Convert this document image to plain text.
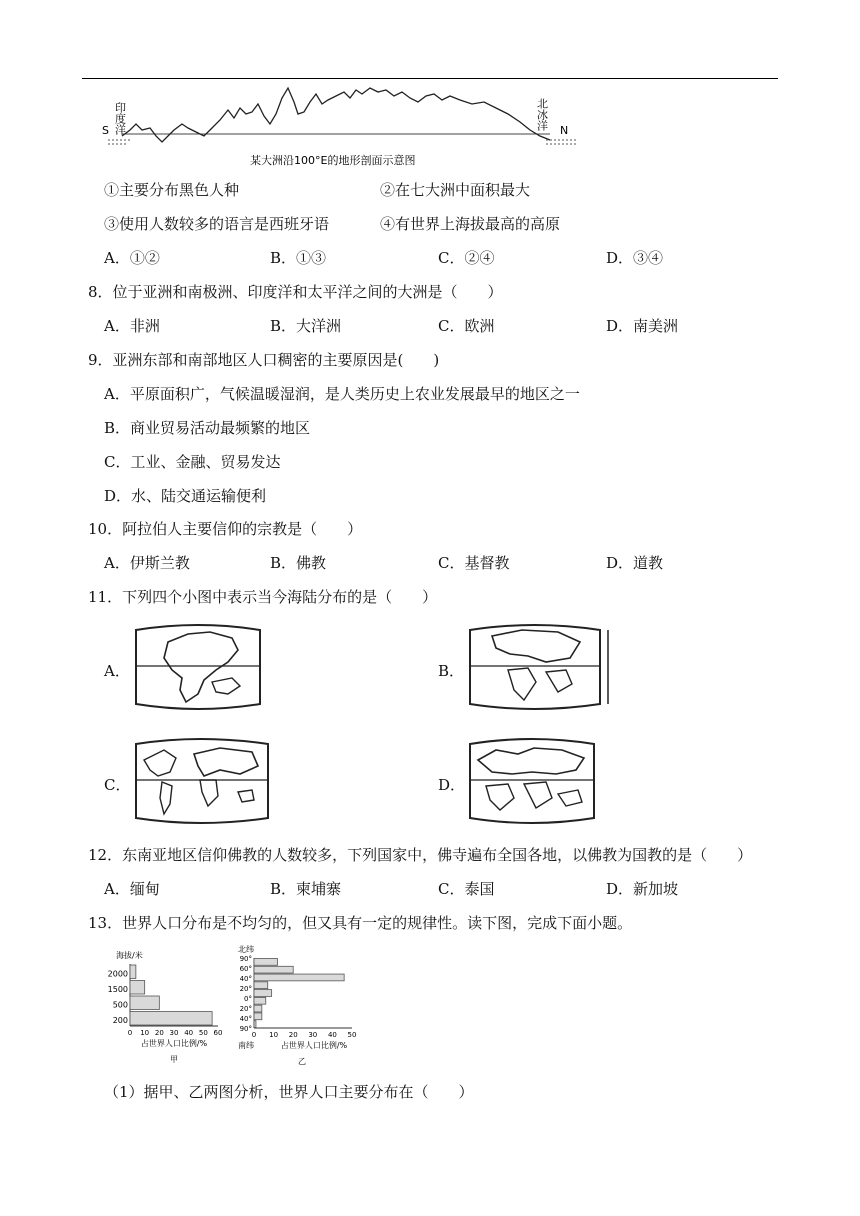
印度洋
S	北冰洋 N
某大洲沿100°E的地形剖面示意图
①主要分布黑色人种	②在七大洲中面积最大
③使用人数较多的语言是西班牙语	④有世界上海拔最高的高原
A．①②	B．①③	C．②④	D．③④
8．位于亚洲和南极洲、印度洋和太平洋之间的大洲是（　　）
A．非洲	B．大洋洲	C．欧洲	D．南美洲
9．亚洲东部和南部地区人口稠密的主要原因是(　　)
A．平原面积广，气候温暖湿润，是人类历史上农业发展最早的地区之一
B．商业贸易活动最频繁的地区
C．工业、金融、贸易发达
D．水、陆交通运输便利
10．阿拉伯人主要信仰的宗教是（　　）
A．伊斯兰教	B．佛教	C．基督教	D．道教
11．下列四个小图中表示当今海陆分布的是（　　）
A．	B．
C．	D．
12．东南亚地区信仰佛教的人数较多，下列国家中，佛寺遍布全国各地，以佛教为国教的是（　　）
A．缅甸	B．柬埔寨	C．泰国	D．新加坡
13．世界人口分布是不均匀的，但又具有一定的规律性。读下图，完成下面小题。
海拔/米
200
500
1500
2000
0 10 20 30 40 50 60
占世界人口比例/%
甲
北纬
90°
60°
40°
20°
0°
20°
40°
90°
0 10 20 30 40 50
南纬	占世界人口比例/%
乙
（1）据甲、乙两图分析，世界人口主要分布在（　　）
